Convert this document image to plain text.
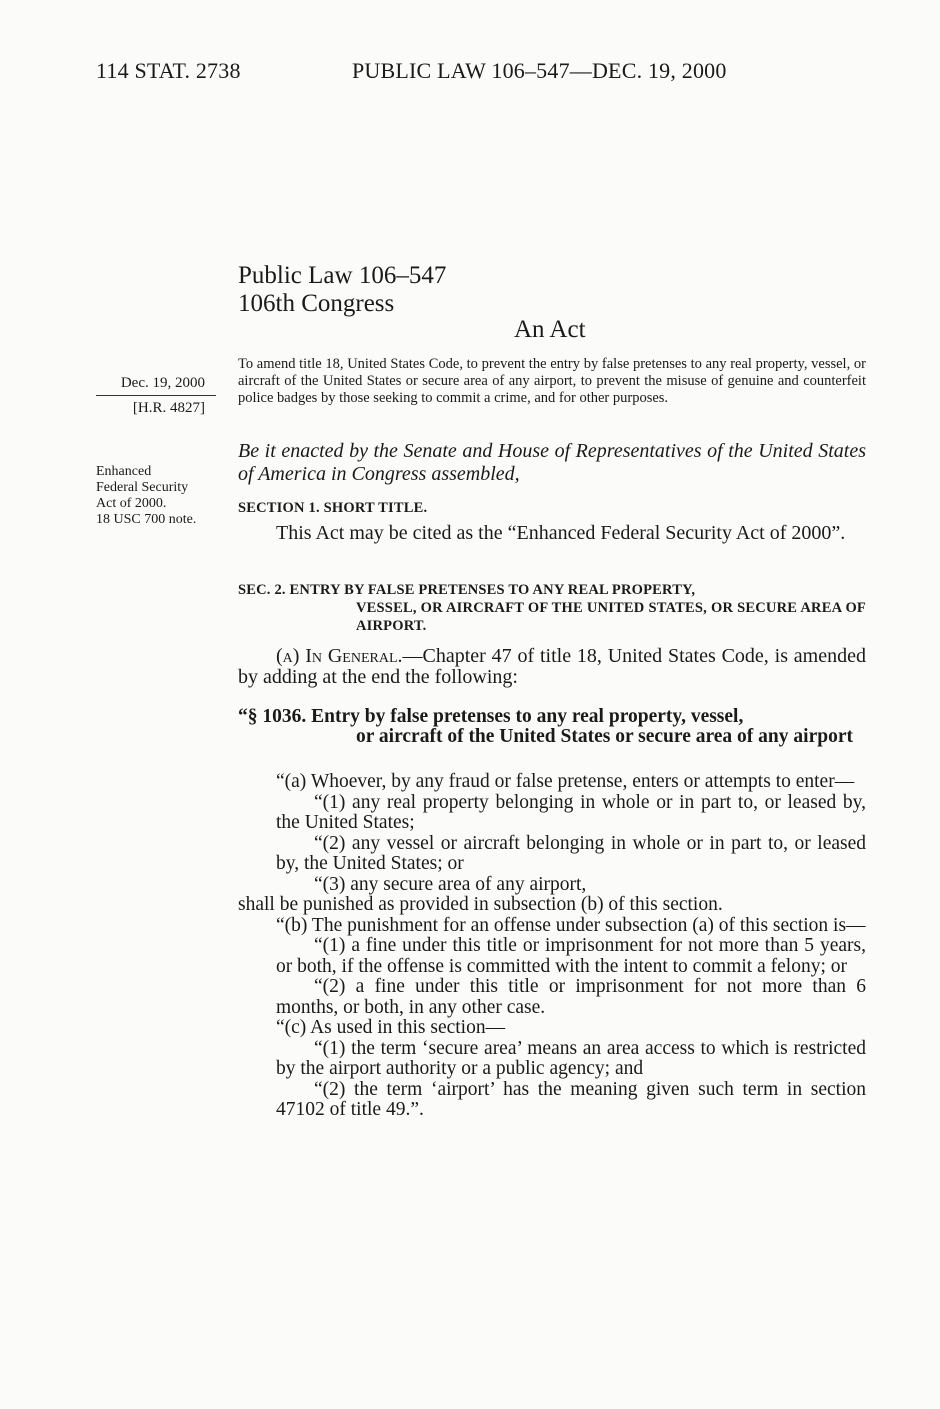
114 STAT. 2738	PUBLIC LAW 106–547—DEC. 19, 2000
Public Law 106–547
106th Congress
An Act
Dec. 19, 2000
[H.R. 4827]
Enhanced
Federal Security
Act of 2000.
18 USC 700 note.
To amend title 18, United States Code, to prevent the entry by false pretenses to any real property, vessel, or aircraft of the United States or secure area of any airport, to prevent the misuse of genuine and counterfeit police badges by those seeking to commit a crime, and for other purposes.
Be it enacted by the Senate and House of Representatives of the United States of America in Congress assembled,
SECTION 1. SHORT TITLE.
This Act may be cited as the “Enhanced Federal Security Act of 2000”.
SEC. 2. ENTRY BY FALSE PRETENSES TO ANY REAL PROPERTY,
VESSEL, OR AIRCRAFT OF THE UNITED STATES, OR SECURE AREA OF AIRPORT.
(a) In General.—Chapter 47 of title 18, United States Code, is amended by adding at the end the following:
“§ 1036. Entry by false pretenses to any real property, vessel,
or aircraft of the United States or secure area of any airport

“(a) Whoever, by any fraud or false pretense, enters or attempts to enter—

“(1) any real property belonging in whole or in part to, or leased by, the United States;

“(2) any vessel or aircraft belonging in whole or in part to, or leased by, the United States; or

“(3) any secure area of any airport,

shall be punished as provided in subsection (b) of this section.

“(b) The punishment for an offense under subsection (a) of this section is—

“(1) a fine under this title or imprisonment for not more than 5 years, or both, if the offense is committed with the intent to commit a felony; or

“(2) a fine under this title or imprisonment for not more than 6 months, or both, in any other case.

“(c) As used in this section—

“(1) the term ‘secure area’ means an area access to which is restricted by the airport authority or a public agency; and

“(2) the term ‘airport’ has the meaning given such term in section 47102 of title 49.”.
